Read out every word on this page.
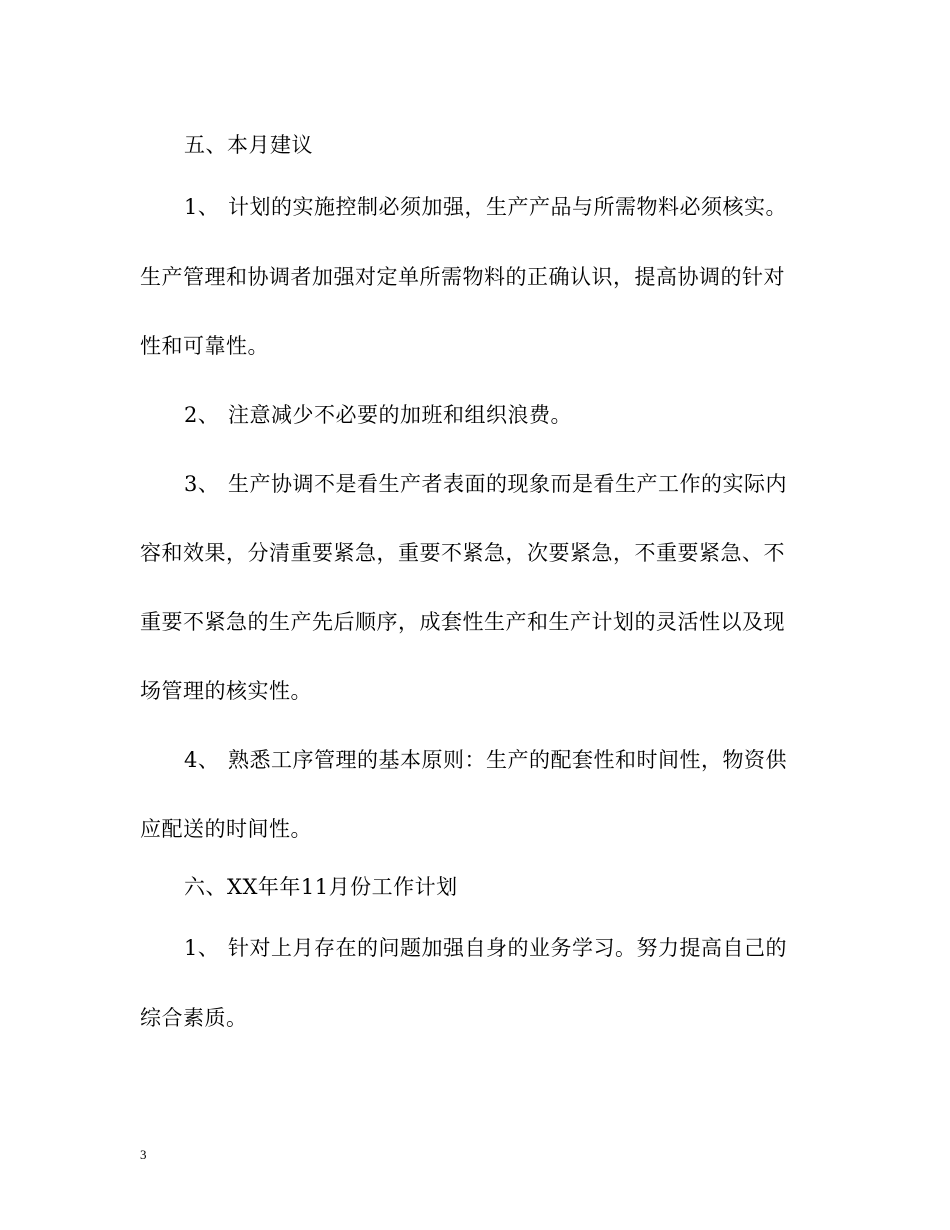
五、本月建议
1、 计划的实施控制必须加强，生产产品与所需物料必须核实。
生产管理和协调者加强对定单所需物料的正确认识，提高协调的针对
性和可靠性。
2、 注意减少不必要的加班和组织浪费。
3、 生产协调不是看生产者表面的现象而是看生产工作的实际内
容和效果，分清重要紧急，重要不紧急，次要紧急，不重要紧急、不
重要不紧急的生产先后顺序，成套性生产和生产计划的灵活性以及现
场管理的核实性。
4、 熟悉工序管理的基本原则：生产的配套性和时间性，物资供
应配送的时间性。
六、XX年年11月份工作计划
1、 针对上月存在的问题加强自身的业务学习。努力提高自己的
综合素质。
3
